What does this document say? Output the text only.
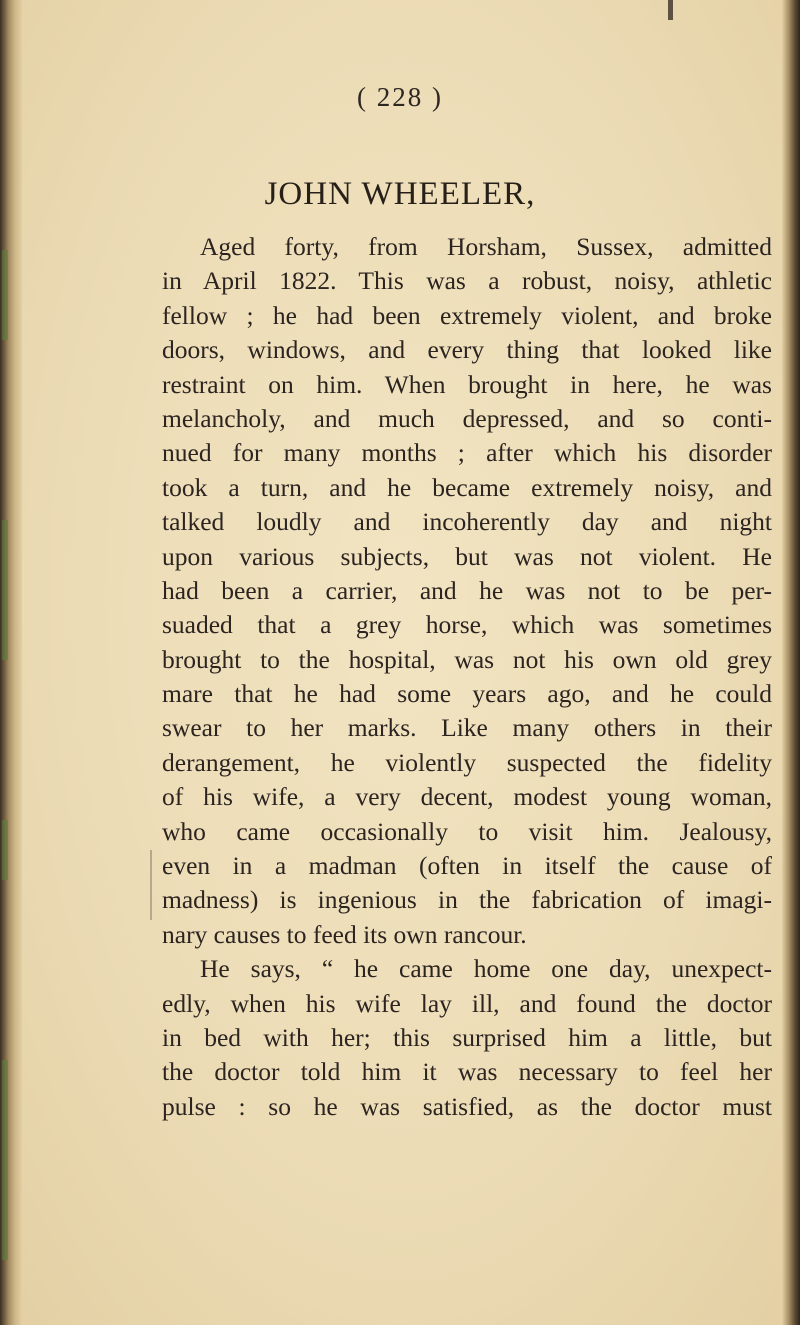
( 228 )
JOHN WHEELER,
Aged forty, from Horsham, Sussex, admitted
in April 1822. This was a robust, noisy, athletic
fellow ; he had been extremely violent, and broke
doors, windows, and every thing that looked like
restraint on him. When brought in here, he was
melancholy, and much depressed, and so conti-
nued for many months ; after which his disorder
took a turn, and he became extremely noisy, and
talked loudly and incoherently day and night
upon various subjects, but was not violent. He
had been a carrier, and he was not to be per-
suaded that a grey horse, which was sometimes
brought to the hospital, was not his own old grey
mare that he had some years ago, and he could
swear to her marks. Like many others in their
derangement, he violently suspected the fidelity
of his wife, a very decent, modest young woman,
who came occasionally to visit him. Jealousy,
even in a madman (often in itself the cause of
madness) is ingenious in the fabrication of imagi-
nary causes to feed its own rancour.
He says, “ he came home one day, unexpect-
edly, when his wife lay ill, and found the doctor
in bed with her; this surprised him a little, but
the doctor told him it was necessary to feel her
pulse : so he was satisfied, as the doctor must
